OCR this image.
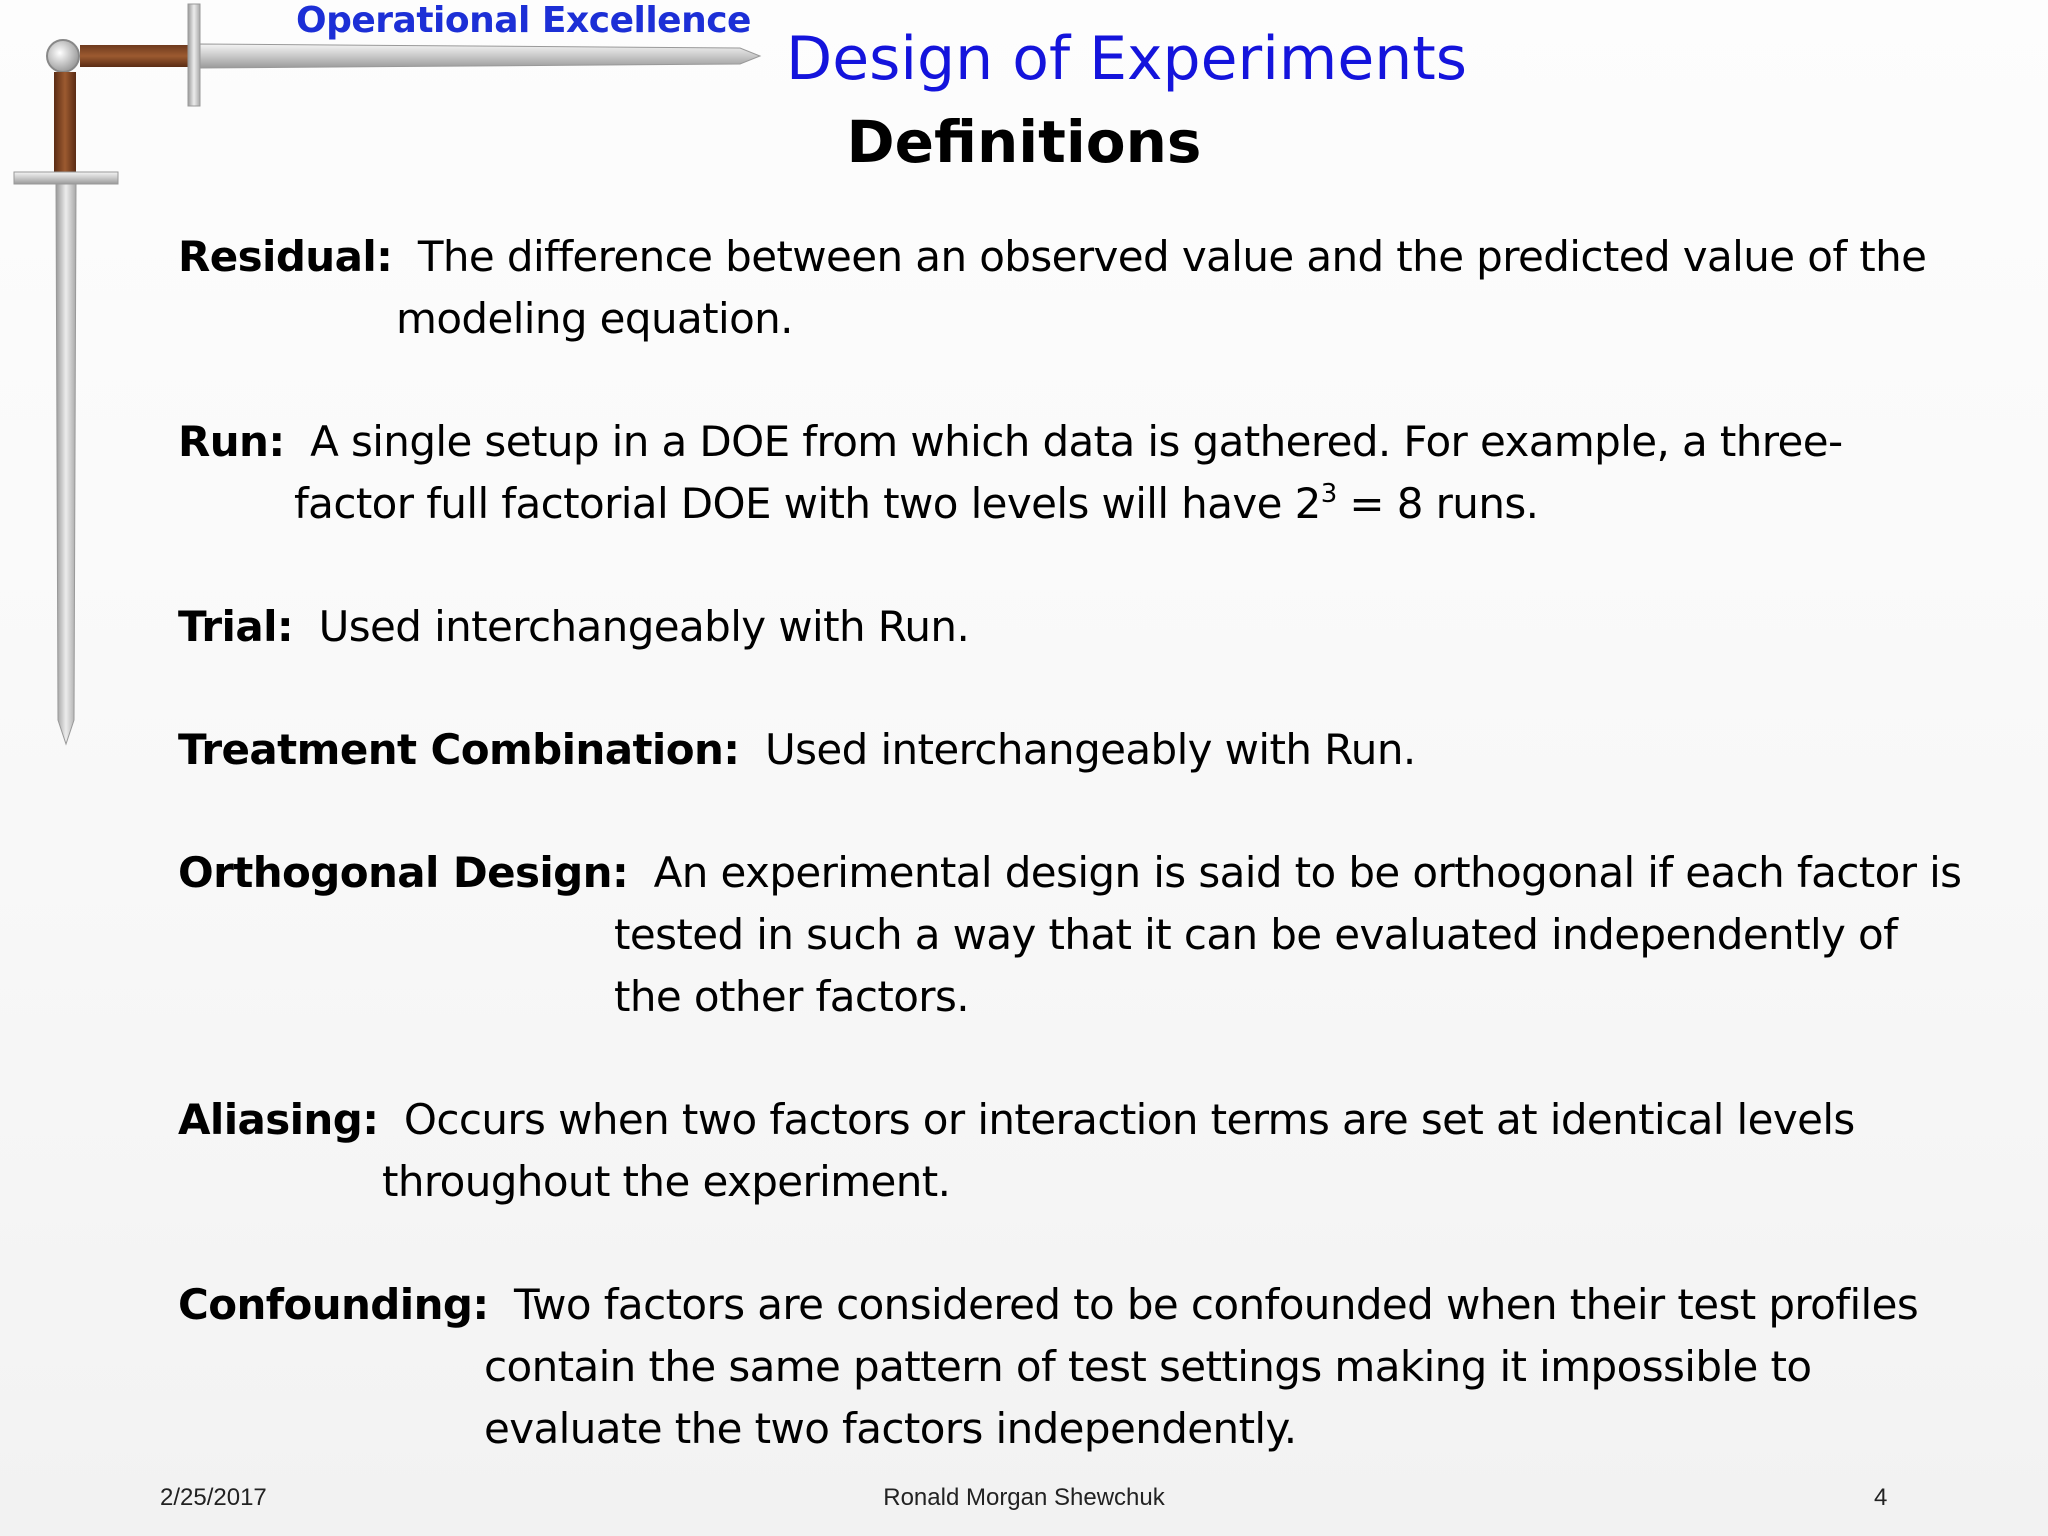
Operational Excellence
Design of Experiments
Definitions
Residual: The difference between an observed value and the predicted value of the
modeling equation.
Run: A single setup in a DOE from which data is gathered. For example, a three-
factor full factorial DOE with two levels will have $2^3 = 8$ runs.
Trial: Used interchangeably with Run.
Treatment Combination: Used interchangeably with Run.
Orthogonal Design: An experimental design is said to be orthogonal if each factor is
tested in such a way that it can be evaluated independently of
the other factors.
Aliasing: Occurs when two factors or interaction terms are set at identical levels
throughout the experiment.
Confounding: Two factors are considered to be confounded when their test profiles
contain the same pattern of test settings making it impossible to
evaluate the two factors independently.
2/25/2017	Ronald Morgan Shewchuk	4
